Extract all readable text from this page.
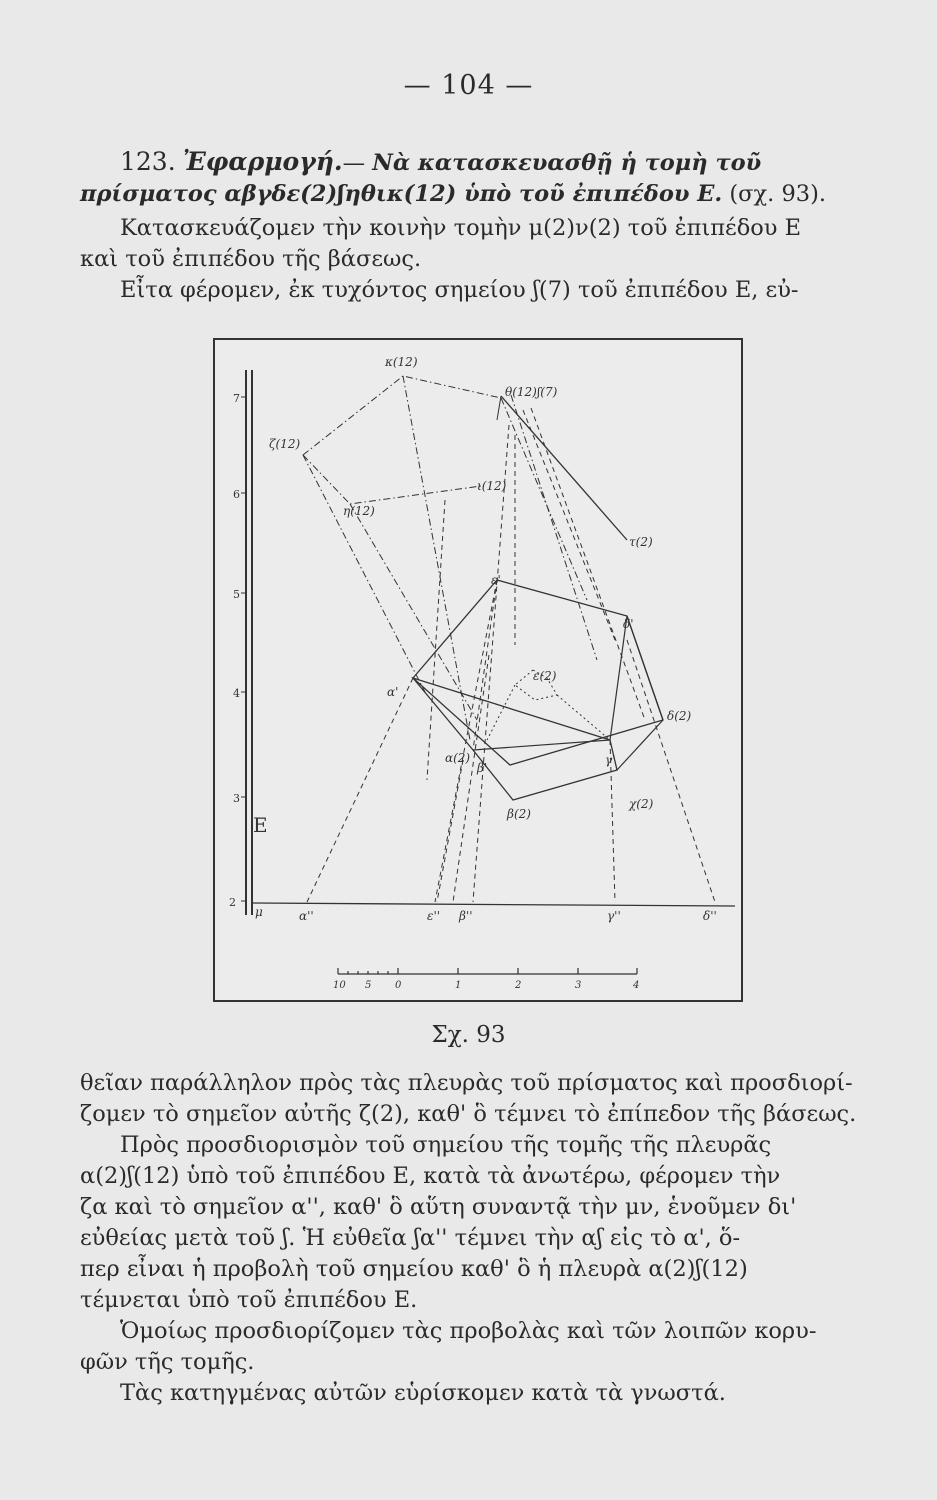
— 104 —
123. Ἐφαρμογή.— Νὰ κατασκευασθῇ ἡ τομὴ τοῦ
πρίσματος αβγδε(2)ʃηθικ(12) ὑπὸ τοῦ ἐπιπέδου Ε. (σχ. 93).
Κατασκευάζομεν τὴν κοινὴν τομὴν μ(2)ν(2) τοῦ ἐπιπέδου Ε
καὶ τοῦ ἐπιπέδου τῆς βάσεως.
Εἶτα φέρομεν, ἐκ τυχόντος σημείου ʃ(7) τοῦ ἐπιπέδου Ε, εὐ-
7
6
5
4
3
2
E
μ
κ(12)
θ(12) ʃ(7)
ζ(12)
η(12)
ι(12)
τ(2)
ε'
δ'
ε(2)
α'
δ(2)
α(2)
β'
γ'
χ(2)
β(2)
α''	ε'' β''	γ''	δ''
10 5 0	1	2	3	4
Σχ. 93
θεῖαν παράλληλον πρὸς τὰς πλευρὰς τοῦ πρίσματος καὶ προσδιορί-
ζομεν τὸ σημεῖον αὐτῆς ζ(2), καθ' ὃ τέμνει τὸ ἐπίπεδον τῆς βάσεως.
Πρὸς προσδιορισμὸν τοῦ σημείου τῆς τομῆς τῆς πλευρᾶς
α(2)ʃ(12) ὑπὸ τοῦ ἐπιπέδου Ε, κατὰ τὰ ἀνωτέρω, φέρομεν τὴν
ζα καὶ τὸ σημεῖον α'', καθ' ὃ αὕτη συναντᾷ τὴν μν, ἑνοῦμεν δι'
εὐθείας μετὰ τοῦ ʃ. Ἡ εὐθεῖα ʃα'' τέμνει τὴν αʃ εἰς τὸ α', ὅ-
περ εἶναι ἡ προβολὴ τοῦ σημείου καθ' ὃ ἡ πλευρὰ α(2)ʃ(12)
τέμνεται ὑπὸ τοῦ ἐπιπέδου Ε.
Ὁμοίως προσδιορίζομεν τὰς προβολὰς καὶ τῶν λοιπῶν κορυ-
φῶν τῆς τομῆς.
Τὰς κατηγμένας αὐτῶν εὑρίσκομεν κατὰ τὰ γνωστά.
